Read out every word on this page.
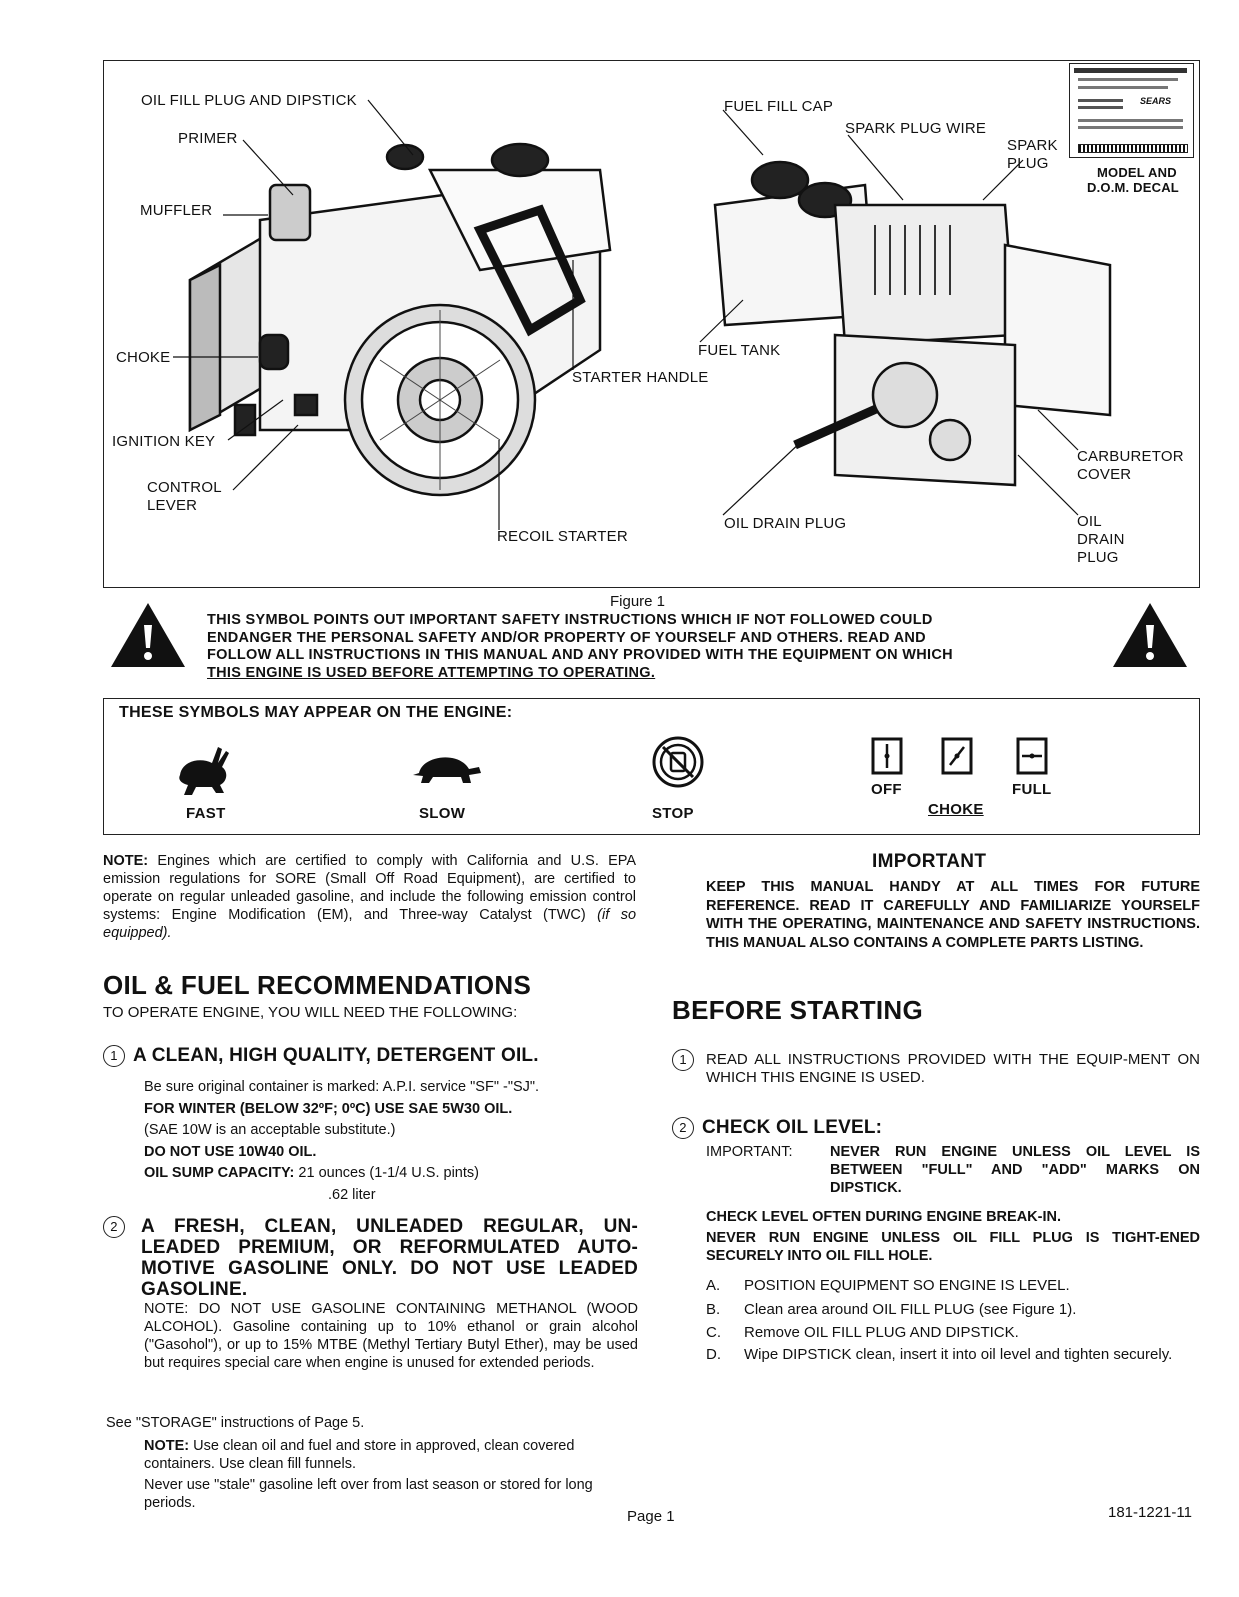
SEARS
OIL FILL PLUG AND DIPSTICK
PRIMER
MUFFLER
CHOKE
IGNITION KEY
CONTROL
LEVER
RECOIL STARTER
STARTER HANDLE
FUEL TANK
FUEL FILL CAP
SPARK PLUG WIRE
SPARK
PLUG
MODEL AND
D.O.M. DECAL
CARBURETOR
COVER
OIL DRAIN PLUG	OIL
DRAIN
PLUG
Figure 1
THIS SYMBOL POINTS OUT IMPORTANT SAFETY INSTRUCTIONS WHICH IF NOT FOLLOWED COULD
ENDANGER THE PERSONAL SAFETY AND/OR PROPERTY OF YOURSELF AND OTHERS. READ AND
FOLLOW ALL INSTRUCTIONS IN THIS MANUAL AND ANY PROVIDED WITH THE EQUIPMENT ON WHICH
THIS ENGINE IS USED BEFORE ATTEMPTING TO OPERATING.
THESE SYMBOLS MAY APPEAR ON THE ENGINE:
FAST	SLOW	STOP
OFF	FULL
CHOKE
NOTE: Engines which are certified to comply with California and U.S. EPA emission regulations for SORE (Small Off Road Equipment), are certified to operate on regular unleaded gasoline, and include the following emission control systems: Engine Modification (EM), and Three-way Catalyst (TWC) (if so equipped).
OIL & FUEL RECOMMENDATIONS
TO OPERATE ENGINE, YOU WILL NEED THE FOLLOWING:
1 A CLEAN, HIGH QUALITY, DETERGENT OIL.
Be sure original container is marked: A.P.I. service "SF" -"SJ".
FOR WINTER (BELOW 32ºF; 0ºC) USE SAE 5W30 OIL.
(SAE 10W is an acceptable substitute.)
DO NOT USE 10W40 OIL.
OIL SUMP CAPACITY: 21 ounces (1-1/4 U.S. pints)
.62 liter
2	A FRESH, CLEAN, UNLEADED REGULAR, UN-LEADED PREMIUM, OR REFORMULATED AUTO-MOTIVE GASOLINE ONLY. DO NOT USE LEADED GASOLINE.
NOTE: DO NOT USE GASOLINE CONTAINING METHANOL (WOOD ALCOHOL). Gasoline containing up to 10% ethanol or grain alcohol ("Gasohol"), or up to 15% MTBE (Methyl Tertiary Butyl Ether), may be used but requires special care when engine is unused for extended periods.
See "STORAGE" instructions of Page 5.
NOTE: Use clean oil and fuel and store in approved, clean covered containers. Use clean fill funnels.
Never use "stale" gasoline left over from last season or stored for long periods.
IMPORTANT
KEEP THIS MANUAL HANDY AT ALL TIMES FOR FUTURE REFERENCE. READ IT CAREFULLY AND FAMILIARIZE YOURSELF WITH THE OPERATING, MAINTENANCE AND SAFETY INSTRUCTIONS. THIS MANUAL ALSO CONTAINS A COMPLETE PARTS LISTING.
BEFORE STARTING
1	READ ALL INSTRUCTIONS PROVIDED WITH THE EQUIP-MENT ON WHICH THIS ENGINE IS USED.
2 CHECK OIL LEVEL:
IMPORTANT:	NEVER RUN ENGINE UNLESS OIL LEVEL IS BETWEEN "FULL" AND "ADD" MARKS ON DIPSTICK.
CHECK LEVEL OFTEN DURING ENGINE BREAK-IN.
NEVER RUN ENGINE UNLESS OIL FILL PLUG IS TIGHT-ENED SECURELY INTO OIL FILL HOLE.
A. POSITION EQUIPMENT SO ENGINE IS LEVEL.
B. Clean area around OIL FILL PLUG (see Figure 1).
C. Remove OIL FILL PLUG AND DIPSTICK.
D. Wipe DIPSTICK clean, insert it into oil level and tighten securely.
Page 1	181-1221-11
